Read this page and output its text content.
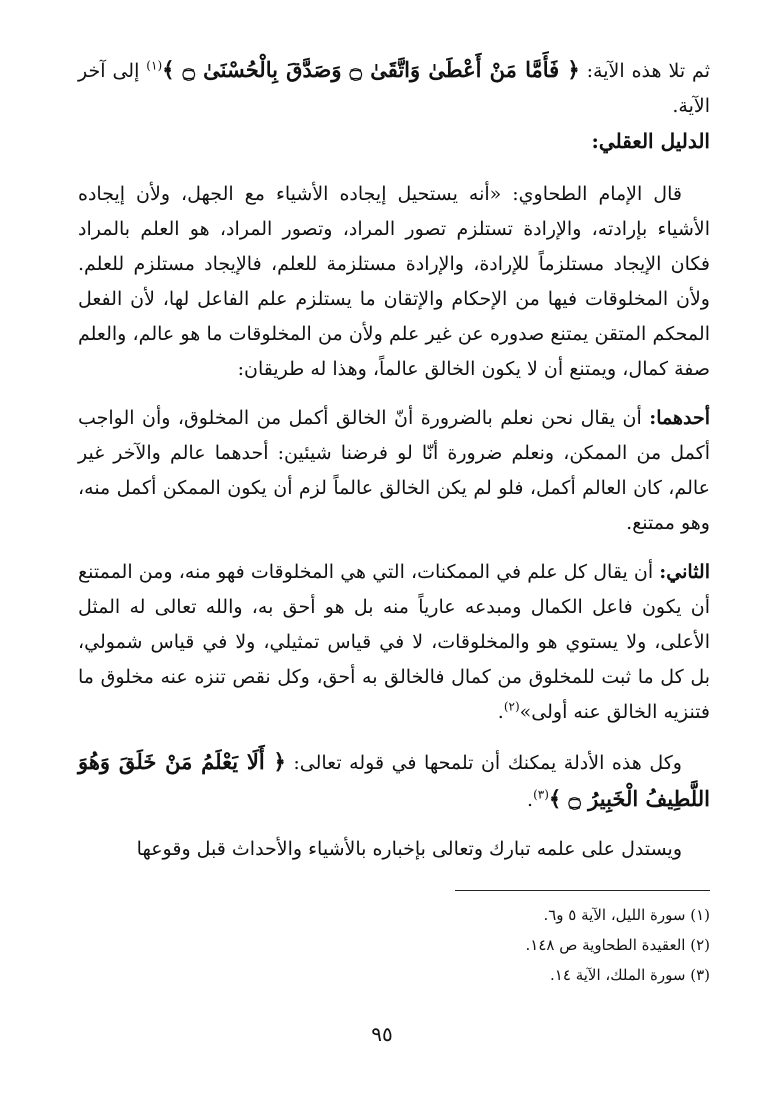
ثم تلا هذه الآية: ﴿ فَأَمَّا مَنْ أَعْطَىٰ وَاتَّقَىٰ ۝ وَصَدَّقَ بِالْحُسْنَىٰ ۝ ﴾$^{(١)}$ إلى آخر الآية.

الدليل العقلي:

قال الإمام الطحاوي: «أنه يستحيل إيجاده الأشياء مع الجهل، ولأن إيجاده الأشياء بإرادته، والإرادة تستلزم تصور المراد، وتصور المراد، هو العلم بالمراد فكان الإيجاد مستلزماً للإرادة، والإرادة مستلزمة للعلم، فالإيجاد مستلزم للعلم. ولأن المخلوقات فيها من الإحكام والإتقان ما يستلزم علم الفاعل لها، لأن الفعل المحكم المتقن يمتنع صدوره عن غير علم ولأن من المخلوقات ما هو عالم، والعلم صفة كمال، ويمتنع أن لا يكون الخالق عالماً، وهذا له طريقان:

أحدهما: أن يقال نحن نعلم بالضرورة أنّ الخالق أكمل من المخلوق، وأن الواجب أكمل من الممكن، ونعلم ضرورة أنّا لو فرضنا شيئين: أحدهما عالم والآخر غير عالم، كان العالم أكمل، فلو لم يكن الخالق عالماً لزم أن يكون الممكن أكمل منه، وهو ممتنع.

الثاني: أن يقال كل علم في الممكنات، التي هي المخلوقات فهو منه، ومن الممتنع أن يكون فاعل الكمال ومبدعه عارياً منه بل هو أحق به، والله تعالى له المثل الأعلى، ولا يستوي هو والمخلوقات، لا في قياس تمثيلي، ولا في قياس شمولي، بل كل ما ثبت للمخلوق من كمال فالخالق به أحق، وكل نقص تنزه عنه مخلوق ما فتنزيه الخالق عنه أولى»$^{(٢)}$.

وكل هذه الأدلة يمكنك أن تلمحها في قوله تعالى: ﴿ أَلَا يَعْلَمُ مَنْ خَلَقَ وَهُوَ اللَّطِيفُ الْخَبِيرُ ۝ ﴾$^{(٣)}$.

ويستدل على علمه تبارك وتعالى بإخباره بالأشياء والأحداث قبل وقوعها

(١) سورة الليل، الآية ٥ و٦.

(٢) العقيدة الطحاوية ص ١٤٨.

(٣) سورة الملك، الآية ١٤.

٩٥
